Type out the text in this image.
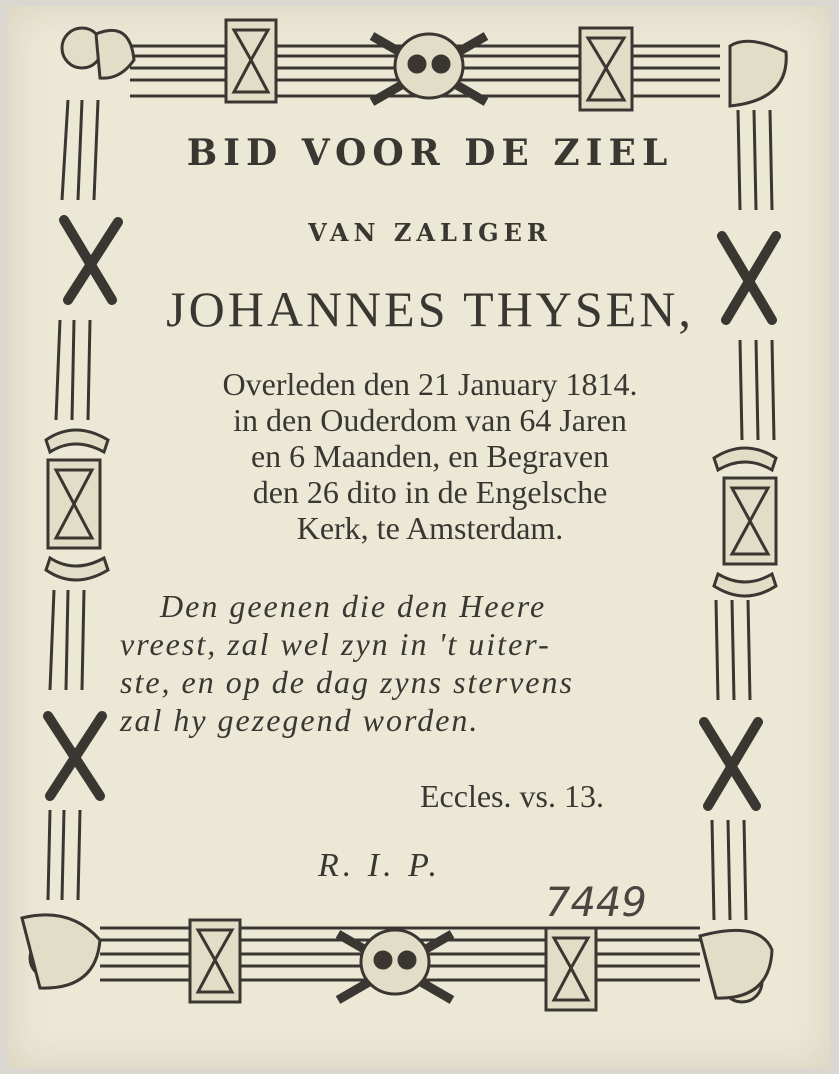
BID VOOR DE ZIEL
VAN ZALIGER
JOHANNES THYSEN,
Overleden den 21 January 1814.
in den Ouderdom van 64 Jaren
en 6 Maanden, en Begraven
den 26 dito in de Engelsche
Kerk, te Amsterdam.
Den geenen die den Heere
vreest, zal wel zyn in 't uiter-
ste, en op de dag zyns stervens
zal hy gezegend worden.
Eccles. vs. 13.
R. I. P.
7449
